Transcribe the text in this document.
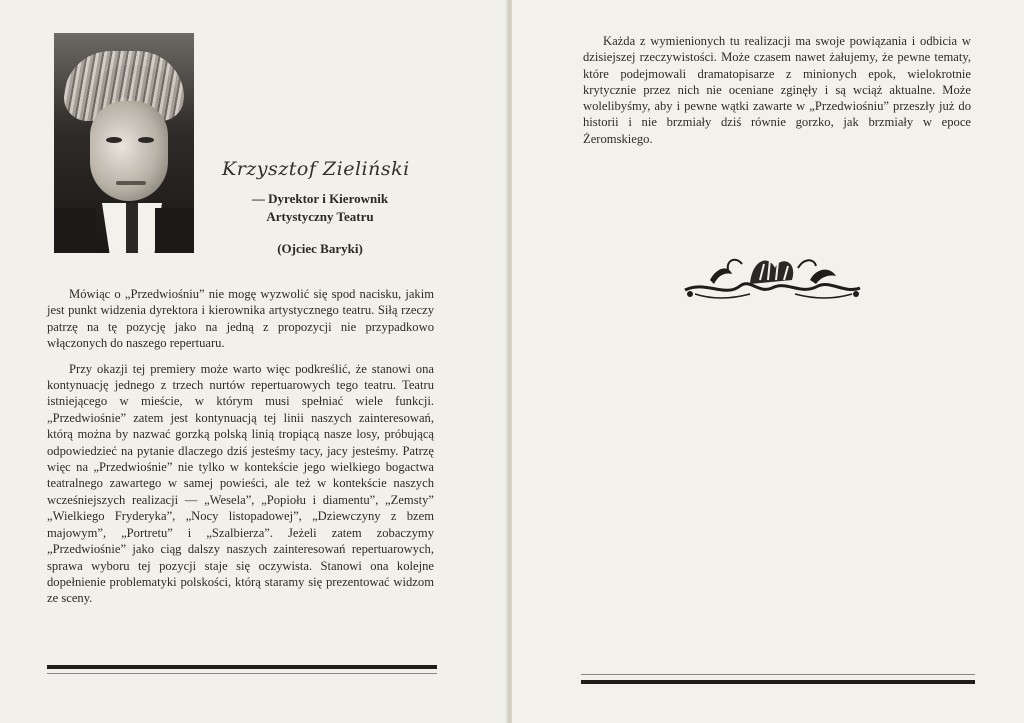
Krzysztof Zieliński
— Dyrektor i Kierownik
Artystyczny Teatru
(Ojciec Baryki)

Mówiąc o „Przedwiośniu” nie mogę wyzwolić się spod nacisku, jakim jest punkt widzenia dyrektora i kierownika artystycznego teatru. Siłą rzeczy patrzę na tę pozycję jako na jedną z propozycji nie przypadkowo włączonych do naszego repertuaru.

Przy okazji tej premiery może warto więc podkreślić, że stanowi ona kontynuację jednego z trzech nurtów repertuarowych tego teatru. Teatru istniejącego w mieście, w którym musi spełniać wiele funkcji. „Przedwiośnie” zatem jest kontynuacją tej linii naszych zainteresowań, którą można by nazwać gorzką polską linią tropiącą nasze losy, próbującą odpowiedzieć na pytanie dlaczego dziś jesteśmy tacy, jacy jesteśmy. Patrzę więc na „Przedwiośnie” nie tylko w kontekście jego wielkiego bogactwa teatralnego zawartego w samej powieści, ale też w kontekście naszych wcześniejszych realizacji — „Wesela”, „Popiołu i diamentu”, „Zemsty” „Wielkiego Fryderyka”, „Nocy listopadowej”, „Dziewczyny z bzem majowym”, „Portretu” i „Szalbierza”. Jeżeli zatem zobaczymy „Przedwiośnie” jako ciąg dalszy naszych zainteresowań repertuarowych, sprawa wyboru tej pozycji staje się oczywista. Stanowi ona kolejne dopełnienie problematyki polskości, którą staramy się prezentować widzom ze sceny.

Każda z wymienionych tu realizacji ma swoje powiązania i odbicia w dzisiejszej rzeczywistości. Może czasem nawet żałujemy, że pewne tematy, które podejmowali dramatopisarze z minionych epok, wielokrotnie krytycznie przez nich nie oceniane zginęły i są wciąż aktualne. Może wolelibyśmy, aby i pewne wątki zawarte w „Przedwiośniu” przeszły już do historii i nie brzmiały dziś równie gorzko, jak brzmiały w epoce Żeromskiego.
